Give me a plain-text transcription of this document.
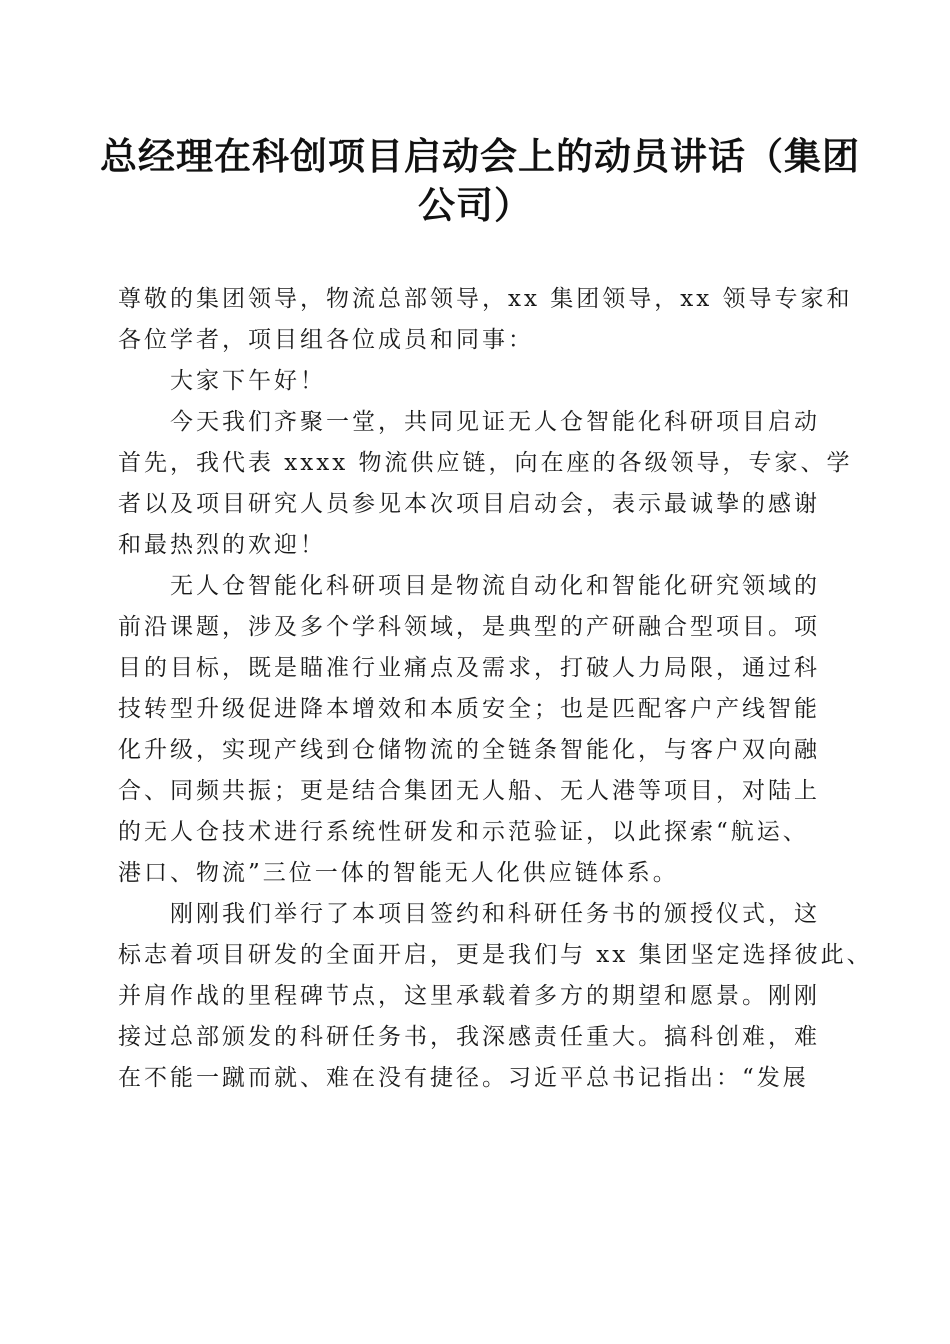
总经理在科创项目启动会上的动员讲话（集团
公司）

尊敬的集团领导，物流总部领导，xx 集团领导，xx 领导专家和
各位学者，项目组各位成员和同事：

大家下午好！

今天我们齐聚一堂，共同见证无人仓智能化科研项目启动
首先，我代表 xxxx 物流供应链，向在座的各级领导，专家、学
者以及项目研究人员参见本次项目启动会，表示最诚挚的感谢
和最热烈的欢迎！

无人仓智能化科研项目是物流自动化和智能化研究领域的
前沿课题，涉及多个学科领域，是典型的产研融合型项目。项
目的目标，既是瞄准行业痛点及需求，打破人力局限，通过科
技转型升级促进降本增效和本质安全；也是匹配客户产线智能
化升级，实现产线到仓储物流的全链条智能化，与客户双向融
合、同频共振；更是结合集团无人船、无人港等项目，对陆上
的无人仓技术进行系统性研发和示范验证，以此探索“航运、
港口、物流”三位一体的智能无人化供应链体系。

刚刚我们举行了本项目签约和科研任务书的颁授仪式，这
标志着项目研发的全面开启，更是我们与 xx 集团坚定选择彼此、
并肩作战的里程碑节点，这里承载着多方的期望和愿景。刚刚
接过总部颁发的科研任务书，我深感责任重大。搞科创难，难
在不能一蹴而就、难在没有捷径。习近平总书记指出：“发展
